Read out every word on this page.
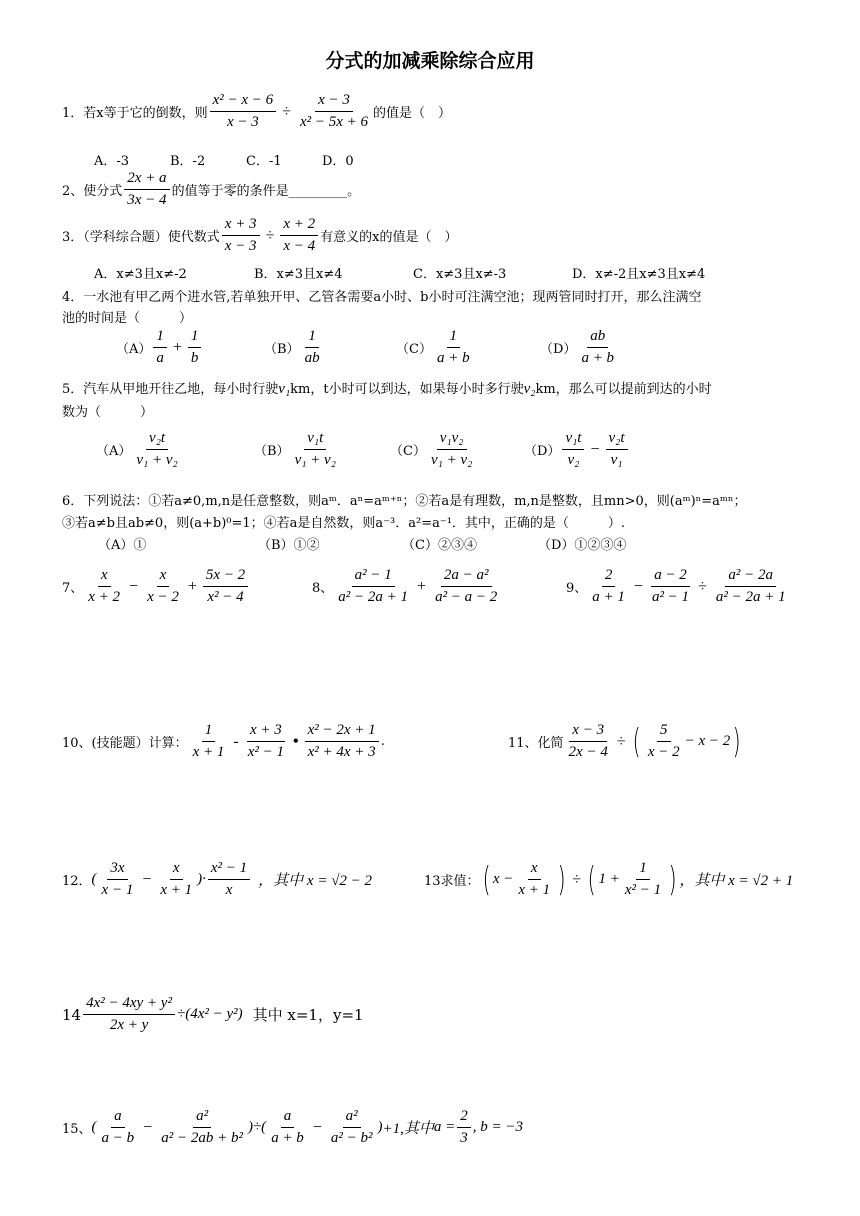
分式的加减乘除综合应用
1．若x等于它的倒数，则 $\frac{\text{x² − x − 6}}{x - 3} \div \frac{x - 3}{\text{x² − 5x + 6}}$ 的值是（　）
A．-3	B．-2	C．-1	D．0
2、使分式 $\frac{2x + a}{3x - 4}$ 的值等于零的条件是_________。
3．（学科综合题）使代数式 $\frac{x + 3}{x - 3} \div \frac{x + 2}{x - 4}$ 有意义的x的值是（　）
A．x≠3且x≠-2	B．x≠3且x≠4	C．x≠3且x≠-3	D．x≠-2且x≠3且x≠4
4．一水池有甲乙两个进水管,若单独开甲、乙管各需要a小时、b小时可注满空池；现两管同时打开，那么注满空
池的时间是（　　　）
$(A) \frac{1}{a} + \frac{1}{b}$	$(B) \frac{1}{ab}$	$(C) \frac{1}{a + b}$	$(D) \frac{ab}{a + b}$
5．汽车从甲地开往乙地，每小时行驶v₁km，t小时可以到达，如果每小时多行驶v₂km，那么可以提前到达的小时
数为（　　　）
$(A) \frac{\text{v₂t}}{\text{v₁ + v₂}}$	$(B) \frac{\text{v₁t}}{\text{v₁ + v₂}}$	$(C) \frac{\text{v₁v₂}}{\text{v₁ + v₂}}$	$(D) \frac{\text{v₁t}}{\text{v₂}} - \frac{\text{v₂t}}{\text{v₁}}$
6．下列说法：①若a≠0,m,n是任意整数，则aᵐ．aⁿ=aᵐ⁺ⁿ；②若a是有理数，m,n是整数，且mn>0，则(aᵐ)ⁿ=aᵐⁿ；
③若a≠b且ab≠0，则(a+b)⁰=1；④若a是自然数，则a⁻³．a²=a⁻¹．其中，正确的是（　　　）.
（A）①	（B）①②	（C）②③④	（D）①②③④
7、 $\frac{x}{x + 2} - \frac{x}{x - 2} + \frac{5x - 2}{\text{x² − 4}}$	8、 $\frac{\text{a² − 1}}{\text{a² − 2a + 1}} + \frac{\text{2a − a²}}{\text{a² − a − 2}}$	9、 $\frac{2}{a + 1} - \frac{a - 2}{\text{a² − 1}} \div \frac{\text{a² − 2a}}{\text{a² − 2a + 1}}$
10、(技能题）计算： $\frac{1}{x + 1} - \frac{x + 3}{\text{x² − 1}}$ • $\frac{\text{x² − 2x + 1}}{\text{x² + 4x + 3}}$ .	11、化简 $\frac{x - 3}{2x - 4}$ ÷ ( $\frac{5}{x - 2} - x - 2$ )
12． ( $\frac{3x}{x - 1} - \frac{x}{x + 1}$ )· $\frac{\text{x² − 1}}{x}$ ，其中 x = √2 − 2	13求值： ( $x - \frac{x}{x + 1}$ ) ÷ ( $1 + \frac{1}{\text{x² − 1}}$ ) ，其中 x = √2 + 1
$14 \frac{\text{4x² − 4xy + y²}}{2x + y} \div(4x^2 - y^2)$ 其中 x=1，y=1
15、 ( $\frac{a}{a - b} - \frac{\text{a²}}{\text{a² − 2ab + b²}}$ )÷( $\frac{a}{a + b} - \frac{\text{a²}}{\text{a² − b²}}$ ) +1,其中 $a = \frac{2}{3}$ , b = −3
